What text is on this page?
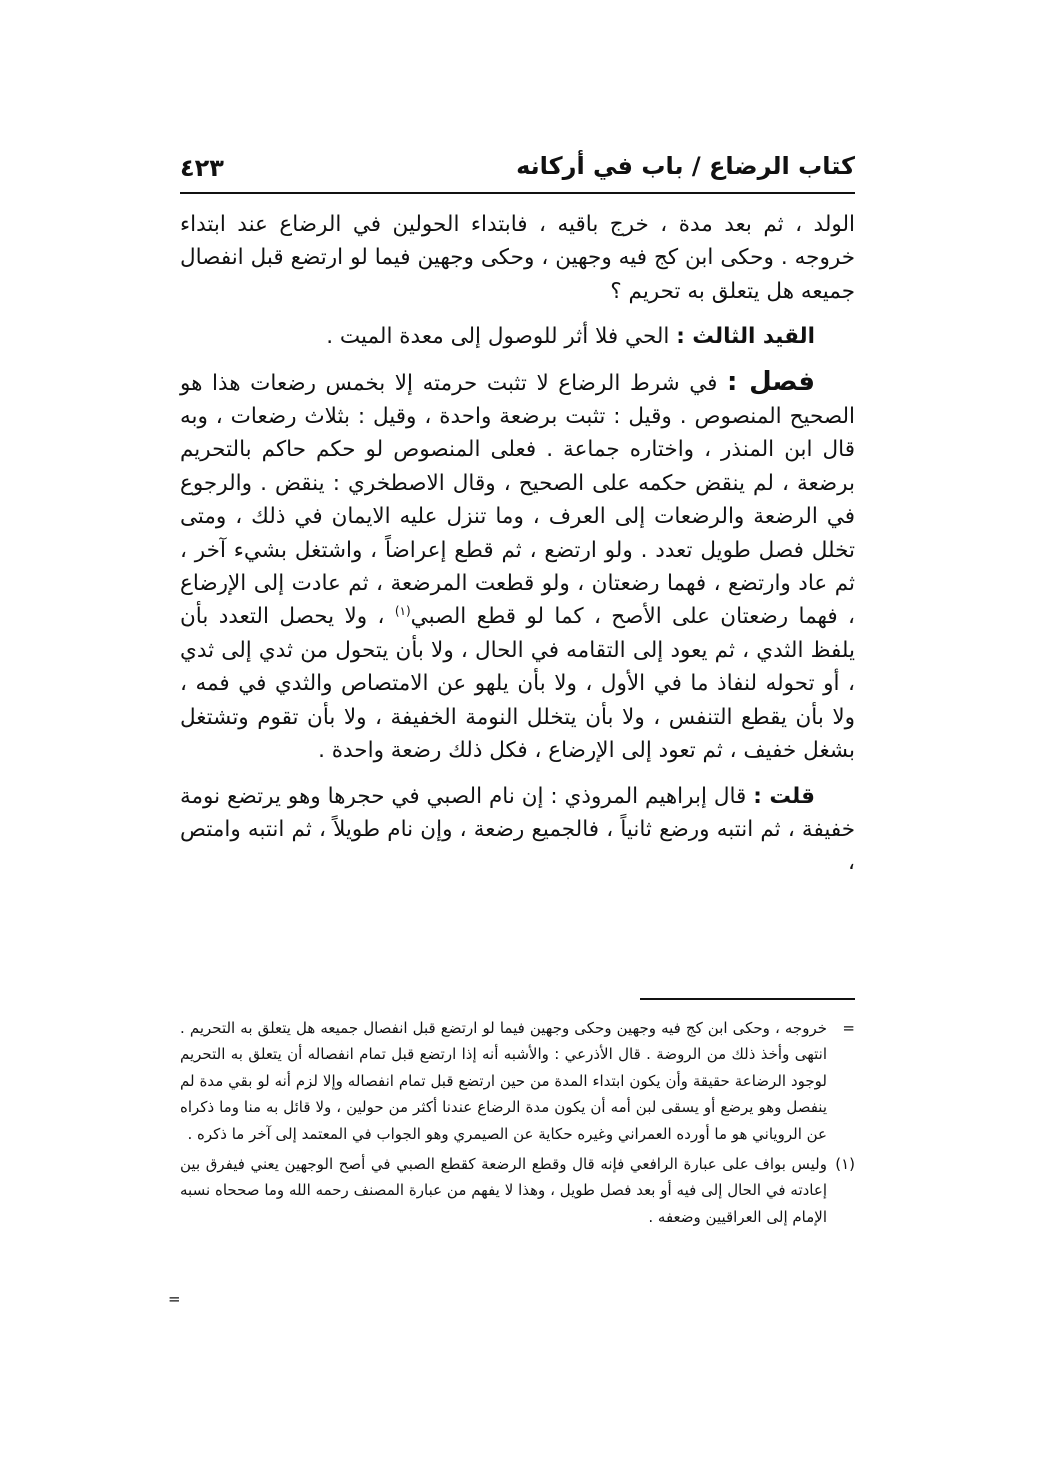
كتاب الرضاع / باب في أركانه
٤٢٣

الولد ، ثم بعد مدة ، خرج باقيه ، فابتداء الحولين في الرضاع عند ابتداء خروجه . وحكى ابن كج فيه وجهين ، وحكى وجهين فيما لو ارتضع قبل انفصال جميعه هل يتعلق به تحريم ؟

القيد الثالث : الحي فلا أثر للوصول إلى معدة الميت .

فصل : في شرط الرضاع لا تثبت حرمته إلا بخمس رضعات هذا هو الصحيح المنصوص . وقيل : تثبت برضعة واحدة ، وقيل : بثلاث رضعات ، وبه قال ابن المنذر ، واختاره جماعة . فعلى المنصوص لو حكم حاكم بالتحريم برضعة ، لم ينقض حكمه على الصحيح ، وقال الاصطخري : ينقض . والرجوع في الرضعة والرضعات إلى العرف ، وما تنزل عليه الايمان في ذلك ، ومتى تخلل فصل طويل تعدد . ولو ارتضع ، ثم قطع إعراضاً ، واشتغل بشيء آخر ، ثم عاد وارتضع ، فهما رضعتان ، ولو قطعت المرضعة ، ثم عادت إلى الإرضاع ، فهما رضعتان على الأصح ، كما لو قطع الصبي$^{(١)}$ ، ولا يحصل التعدد بأن يلفظ الثدي ، ثم يعود إلى التقامه في الحال ، ولا بأن يتحول من ثدي إلى ثدي ، أو تحوله لنفاذ ما في الأول ، ولا بأن يلهو عن الامتصاص والثدي في فمه ، ولا بأن يقطع التنفس ، ولا بأن يتخلل النومة الخفيفة ، ولا بأن تقوم وتشتغل بشغل خفيف ، ثم تعود إلى الإرضاع ، فكل ذلك رضعة واحدة .

قلت : قال إبراهيم المروذي : إن نام الصبي في حجرها وهو يرتضع نومة خفيفة ، ثم انتبه ورضع ثانياً ، فالجميع رضعة ، وإن نام طويلاً ، ثم انتبه وامتص ،

=
خروجه ، وحكى ابن كج فيه وجهين وحكى وجهين فيما لو ارتضع قبل انفصال جميعه هل يتعلق به التحريم . انتهى وأخذ ذلك من الروضة . قال الأذرعي : والأشبه أنه إذا ارتضع قبل تمام انفصاله أن يتعلق به التحريم لوجود الرضاعة حقيقة وأن يكون ابتداء المدة من حين ارتضع قبل تمام انفصاله وإلا لزم أنه لو بقي مدة لم ينفصل وهو يرضع أو يسقى لبن أمه أن يكون مدة الرضاع عندنا أكثر من حولين ، ولا قائل به منا وما ذكراه عن الروياني هو ما أورده العمراني وغيره حكاية عن الصيمري وهو الجواب في المعتمد إلى آخر ما ذكره .

(١)
وليس بواف على عبارة الرافعي فإنه قال وقطع الرضعة كقطع الصبي في أصح الوجهين يعني فيفرق بين إعادته في الحال إلى فيه أو بعد فصل طويل ، وهذا لا يفهم من عبارة المصنف رحمه الله وما صححاه نسبه الإمام إلى العراقيين وضعفه .

=
